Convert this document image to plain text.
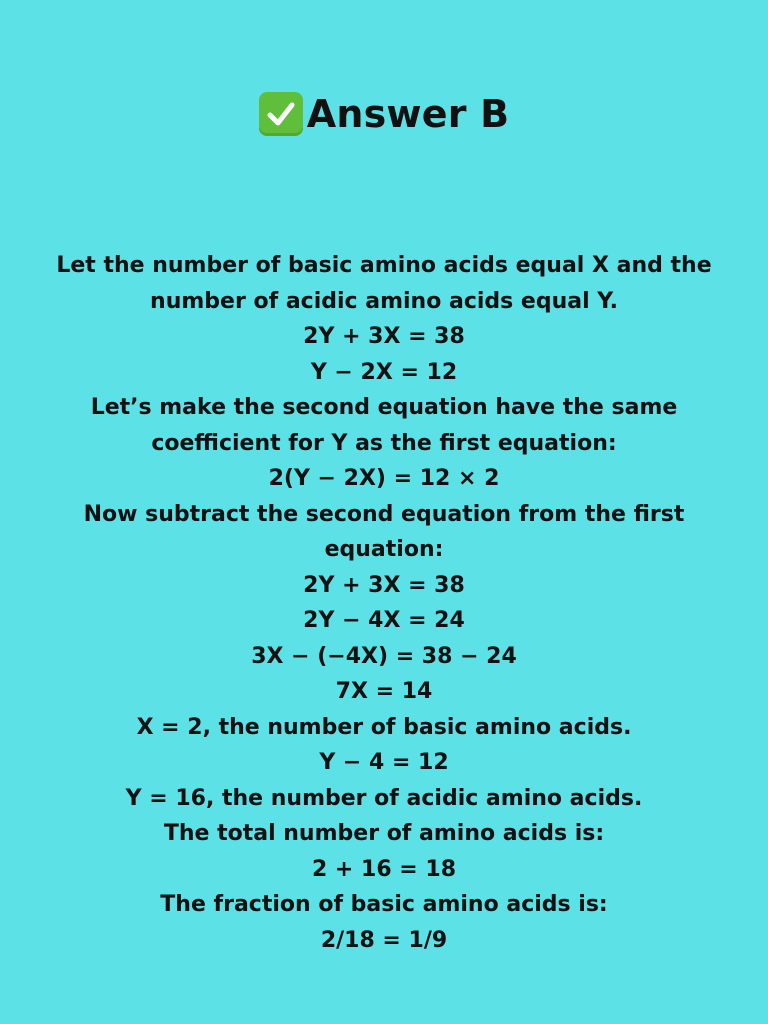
Answer B
Let the number of basic amino acids equal X and the
number of acidic amino acids equal Y.
2Y + 3X = 38
Y − 2X = 12
Let’s make the second equation have the same
coefficient for Y as the first equation:
2(Y − 2X) = 12 × 2
Now subtract the second equation from the first
equation:
2Y + 3X = 38
2Y − 4X = 24
3X − (−4X) = 38 − 24
7X = 14
X = 2, the number of basic amino acids.
Y − 4 = 12
Y = 16, the number of acidic amino acids.
The total number of amino acids is:
2 + 16 = 18
The fraction of basic amino acids is:
2/18 = 1/9
